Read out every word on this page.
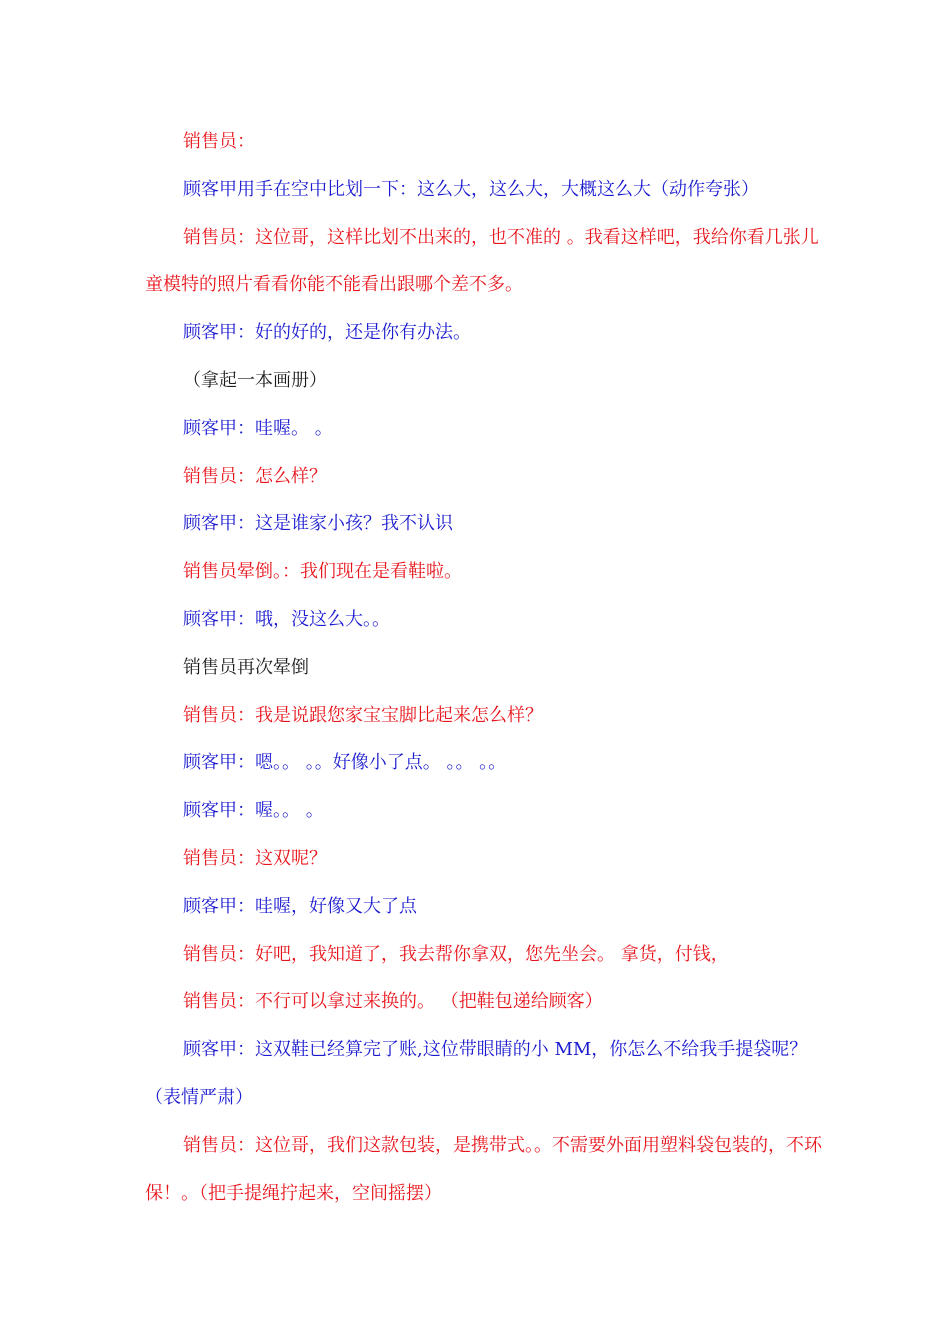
销售员：

顾客甲用手在空中比划一下：这么大，这么大，大概这么大（动作夸张）

销售员：这位哥，这样比划不出来的，也不准的 。我看这样吧，我给你看几张儿童模特的照片看看你能不能看出跟哪个差不多。

顾客甲：好的好的，还是你有办法。

（拿起一本画册）

顾客甲：哇喔。 。

销售员：怎么样？

顾客甲：这是谁家小孩？我不认识

销售员晕倒。：我们现在是看鞋啦。

顾客甲：哦，没这么大。。

销售员再次晕倒

销售员：我是说跟您家宝宝脚比起来怎么样？

顾客甲：嗯。。 。。好像小了点。 。。 。。

顾客甲：喔。。 。

销售员：这双呢？

顾客甲：哇喔，好像又大了点

销售员：好吧，我知道了，我去帮你拿双，您先坐会。 拿货，付钱，

销售员：不行可以拿过来换的。 （把鞋包递给顾客）

顾客甲：这双鞋已经算完了账,这位带眼睛的小 MM，你怎么不给我手提袋呢？（表情严肃）

销售员：这位哥，我们这款包装，是携带式。。不需要外面用塑料袋包装的，不环保！。（把手提绳拧起来，空间摇摆）
